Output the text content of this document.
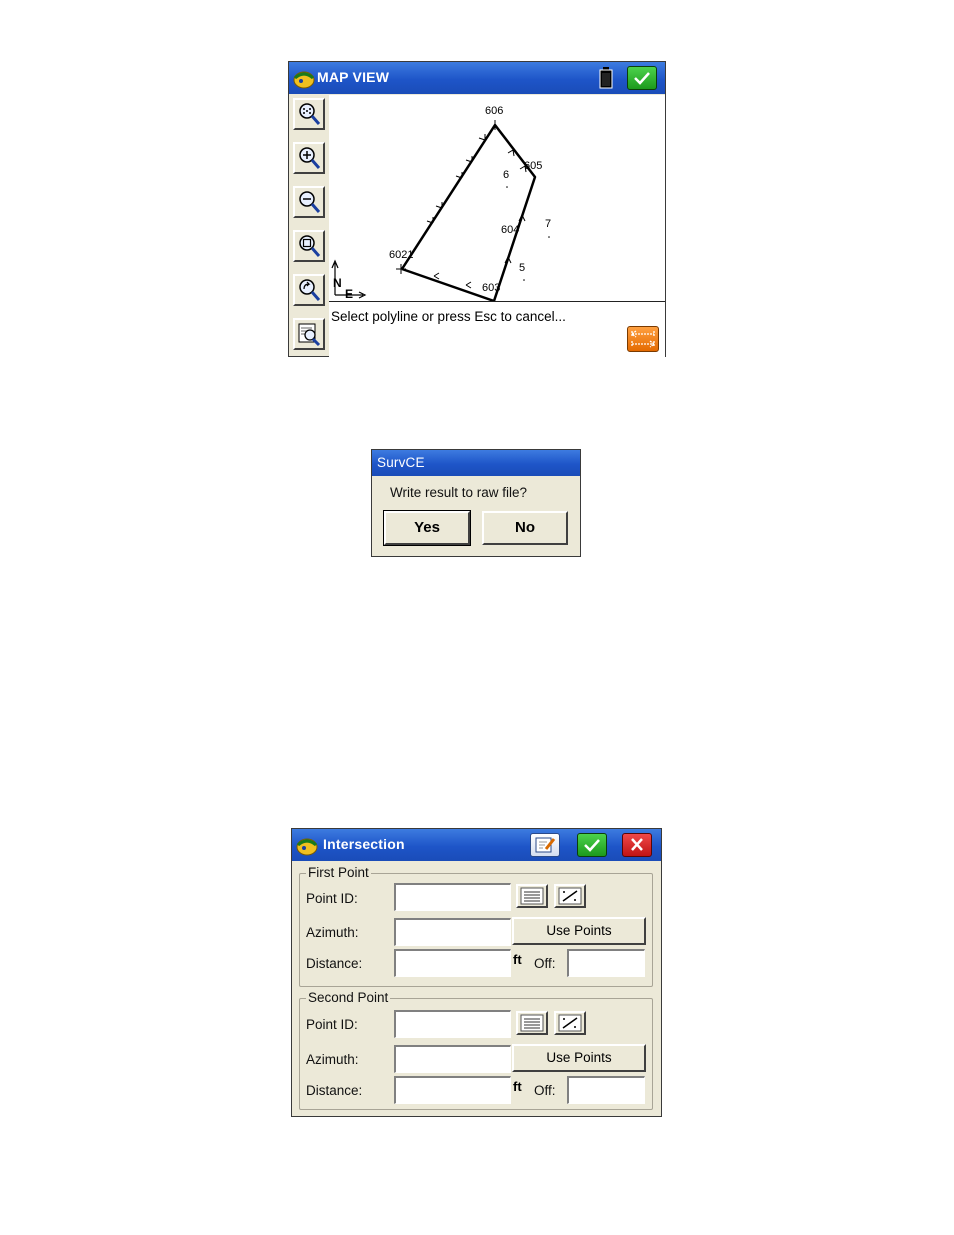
MAP VIEW
606
605
6
7
604
6021
5
603
N
E
Select polyline or press Esc to cancel...
SurvCE
Write result to raw file?
Yes	No
Intersection
First Point
Point ID:
Azimuth:	Use Points
Distance:	ft Off:
Second Point
Point ID:
Azimuth:	Use Points
Distance:	ft Off:
